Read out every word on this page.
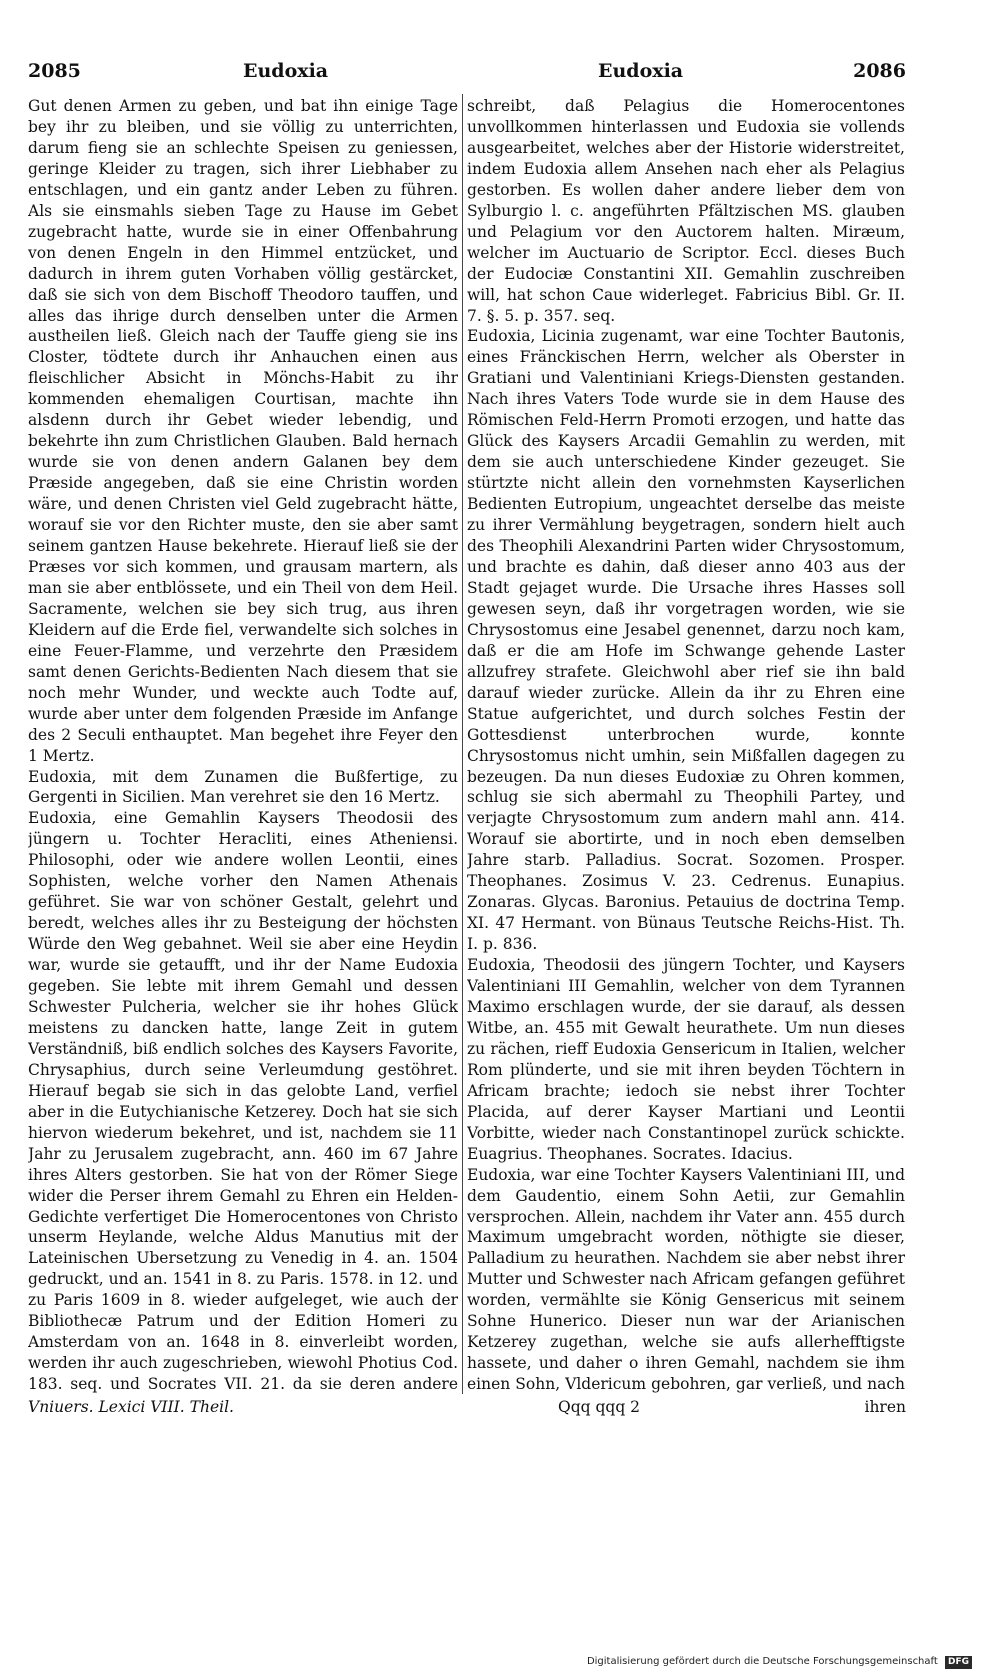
2085	Eudoxia	Eudoxia	2086

Gut denen Armen zu geben, und bat ihn einige Tage bey ihr zu bleiben, und sie völlig zu unterrichten, darum fieng sie an schlechte Speisen zu geniessen, geringe Kleider zu tragen, sich ihrer Liebhaber zu entschlagen, und ein gantz ander Leben zu führen. Als sie einsmahls sieben Tage zu Hause im Gebet zugebracht hatte, wurde sie in einer Offenbahrung von denen Engeln in den Himmel entzücket, und dadurch in ihrem guten Vorhaben völlig gestärcket, daß sie sich von dem Bischoff Theodoro tauffen, und alles das ihrige durch denselben unter die Armen austheilen ließ. Gleich nach der Tauffe gieng sie ins Closter, tödtete durch ihr Anhauchen einen aus fleischlicher Absicht in Mönchs-Habit zu ihr kommenden ehemaligen Courtisan, machte ihn alsdenn durch ihr Gebet wieder lebendig, und bekehrte ihn zum Christlichen Glauben. Bald hernach wurde sie von denen andern Galanen bey dem Præside angegeben, daß sie eine Christin worden wäre, und denen Christen viel Geld zugebracht hätte, worauf sie vor den Richter muste, den sie aber samt seinem gantzen Hause bekehrete. Hierauf ließ sie der Præses vor sich kommen, und grausam martern, als man sie aber entblössete, und ein Theil von dem Heil. Sacramente, welchen sie bey sich trug, aus ihren Kleidern auf die Erde fiel, verwandelte sich solches in eine Feuer-Flamme, und verzehrte den Præsidem samt denen Gerichts-Bedienten Nach diesem that sie noch mehr Wunder, und weckte auch Todte auf, wurde aber unter dem folgenden Præside im Anfange des 2 Seculi enthauptet. Man begehet ihre Feyer den 1 Mertz.

Eudoxia, mit dem Zunamen die Bußfertige, zu Gergenti in Sicilien. Man verehret sie den 16 Mertz.

Eudoxia, eine Gemahlin Kaysers Theodosii des jüngern u. Tochter Heracliti, eines Atheniensi. Philosophi, oder wie andere wollen Leontii, eines Sophisten, welche vorher den Namen Athenais geführet. Sie war von schöner Gestalt, gelehrt und beredt, welches alles ihr zu Besteigung der höchsten Würde den Weg gebahnet. Weil sie aber eine Heydin war, wurde sie getaufft, und ihr der Name Eudoxia gegeben. Sie lebte mit ihrem Gemahl und dessen Schwester Pulcheria, welcher sie ihr hohes Glück meistens zu dancken hatte, lange Zeit in gutem Verständniß, biß endlich solches des Kaysers Favorite, Chrysaphius, durch seine Verleumdung gestöhret. Hierauf begab sie sich in das gelobte Land, verfiel aber in die Eutychianische Ketzerey. Doch hat sie sich hiervon wiederum bekehret, und ist, nachdem sie 11 Jahr zu Jerusalem zugebracht, ann. 460 im 67 Jahre ihres Alters gestorben. Sie hat von der Römer Siege wider die Perser ihrem Gemahl zu Ehren ein Helden-Gedichte verfertiget Die Homerocentones von Christo unserm Heylande, welche Aldus Manutius mit der Lateinischen Ubersetzung zu Venedig in 4. an. 1504 gedruckt, und an. 1541 in 8. zu Paris. 1578. in 12. und zu Paris 1609 in 8. wieder aufgeleget, wie auch der Bibliothecæ Patrum und der Edition Homeri zu Amsterdam von an. 1648 in 8. einverleibt worden, werden ihr auch zugeschrieben, wiewohl Photius Cod. 183. seq. und Socrates VII. 21. da sie deren andere

schreibt, daß Pelagius die Homerocentones unvollkommen hinterlassen und Eudoxia sie vollends ausgearbeitet, welches aber der Historie widerstreitet, indem Eudoxia allem Ansehen nach eher als Pelagius gestorben. Es wollen daher andere lieber dem von Sylburgio l. c. angeführten Pfältzischen MS. glauben und Pelagium vor den Auctorem halten. Miræum, welcher im Auctuario de Scriptor. Eccl. dieses Buch der Eudociæ Constantini XII. Gemahlin zuschreiben will, hat schon Caue widerleget. Fabricius Bibl. Gr. II. 7. §. 5. p. 357. seq.

Eudoxia, Licinia zugenamt, war eine Tochter Bautonis, eines Fränckischen Herrn, welcher als Oberster in Gratiani und Valentiniani Kriegs-Diensten gestanden. Nach ihres Vaters Tode wurde sie in dem Hause des Römischen Feld-Herrn Promoti erzogen, und hatte das Glück des Kaysers Arcadii Gemahlin zu werden, mit dem sie auch unterschiedene Kinder gezeuget. Sie stürtzte nicht allein den vornehmsten Kayserlichen Bedienten Eutropium, ungeachtet derselbe das meiste zu ihrer Vermählung beygetragen, sondern hielt auch des Theophili Alexandrini Parten wider Chrysostomum, und brachte es dahin, daß dieser anno 403 aus der Stadt gejaget wurde. Die Ursache ihres Hasses soll gewesen seyn, daß ihr vorgetragen worden, wie sie Chrysostomus eine Jesabel genennet, darzu noch kam, daß er die am Hofe im Schwange gehende Laster allzufrey strafete. Gleichwohl aber rief sie ihn bald darauf wieder zurücke. Allein da ihr zu Ehren eine Statue aufgerichtet, und durch solches Festin der Gottesdienst unterbrochen wurde, konnte Chrysostomus nicht umhin, sein Mißfallen dagegen zu bezeugen. Da nun dieses Eudoxiæ zu Ohren kommen, schlug sie sich abermahl zu Theophili Partey, und verjagte Chrysostomum zum andern mahl ann. 414. Worauf sie abortirte, und in noch eben demselben Jahre starb. Palladius. Socrat. Sozomen. Prosper. Theophanes. Zosimus V. 23. Cedrenus. Eunapius. Zonaras. Glycas. Baronius. Petauius de doctrina Temp. XI. 47 Hermant. von Bünaus Teutsche Reichs-Hist. Th. I. p. 836.

Eudoxia, Theodosii des jüngern Tochter, und Kaysers Valentiniani III Gemahlin, welcher von dem Tyrannen Maximo erschlagen wurde, der sie darauf, als dessen Witbe, an. 455 mit Gewalt heurathete. Um nun dieses zu rächen, rieff Eudoxia Gensericum in Italien, welcher Rom plünderte, und sie mit ihren beyden Töchtern in Africam brachte; iedoch sie nebst ihrer Tochter Placida, auf derer Kayser Martiani und Leontii Vorbitte, wieder nach Constantinopel zurück schickte. Euagrius. Theophanes. Socrates. Idacius.

Eudoxia, war eine Tochter Kaysers Valentiniani III, und dem Gaudentio, einem Sohn Aetii, zur Gemahlin versprochen. Allein, nachdem ihr Vater ann. 455 durch Maximum umgebracht worden, nöthigte sie dieser, Palladium zu heurathen. Nachdem sie aber nebst ihrer Mutter und Schwester nach Africam gefangen geführet worden, vermählte sie König Gensericus mit seinem Sohne Hunerico. Dieser nun war der Arianischen Ketzerey zugethan, welche sie aufs allerhefftigste hassete, und daher o ihren Gemahl, nachdem sie ihm einen Sohn, Vldericum gebohren, gar verließ, und nach

Vniuers. Lexici VIII. Theil.	Qqq qqq 2	ihren
Digitalisierung gefördert durch die Deutsche Forschungsgemeinschaft DFG
